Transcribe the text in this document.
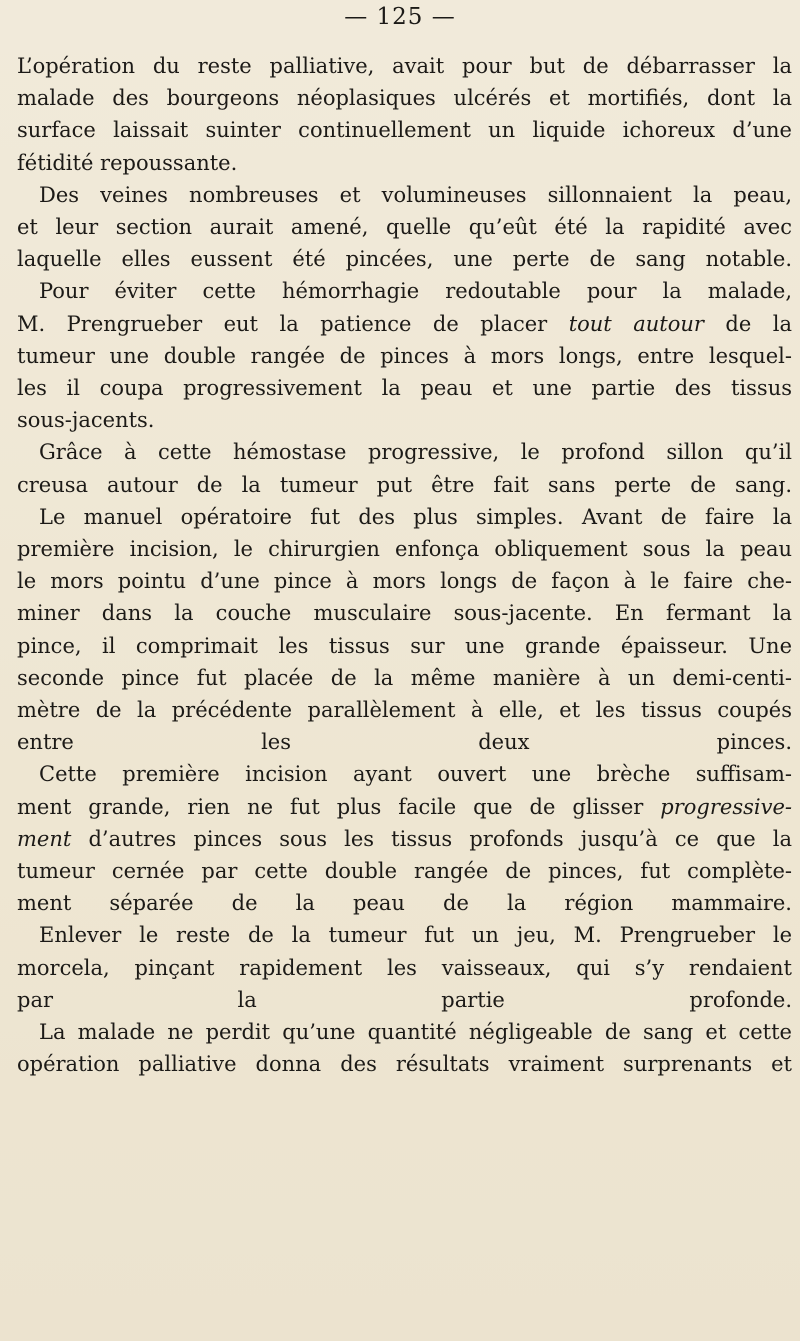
— 125 —

L’opération du reste palliative, avait pour but de débarrasser la

malade des bourgeons néoplasiques ulcérés et mortifiés, dont la

surface laissait suinter continuellement un liquide ichoreux d’une

fétidité repoussante.

Des veines nombreuses et volumineuses sillonnaient la peau,

et leur section aurait amené, quelle qu’eût été la rapidité avec

laquelle elles eussent été pincées, une perte de sang notable.

Pour éviter cette hémorrhagie redoutable pour la malade,

M. Prengrueber eut la patience de placer tout autour de la

tumeur une double rangée de pinces à mors longs, entre lesquel-

les il coupa progressivement la peau et une partie des tissus

sous-jacents.

Grâce à cette hémostase progressive, le profond sillon qu’il

creusa autour de la tumeur put être fait sans perte de sang.

Le manuel opératoire fut des plus simples. Avant de faire la

première incision, le chirurgien enfonça obliquement sous la peau

le mors pointu d’une pince à mors longs de façon à le faire che-

miner dans la couche musculaire sous-jacente. En fermant la

pince, il comprimait les tissus sur une grande épaisseur. Une

seconde pince fut placée de la même manière à un demi-centi-

mètre de la précédente parallèlement à elle, et les tissus coupés

entre les deux pinces.

Cette première incision ayant ouvert une brèche suffisam-

ment grande, rien ne fut plus facile que de glisser progressive-

ment d’autres pinces sous les tissus profonds jusqu’à ce que la

tumeur cernée par cette double rangée de pinces, fut complète-

ment séparée de la peau de la région mammaire.

Enlever le reste de la tumeur fut un jeu, M. Prengrueber le

morcela, pinçant rapidement les vaisseaux, qui s’y rendaient

par la partie profonde.

La malade ne perdit qu’une quantité négligeable de sang et cette

opération palliative donna des résultats vraiment surprenants et
